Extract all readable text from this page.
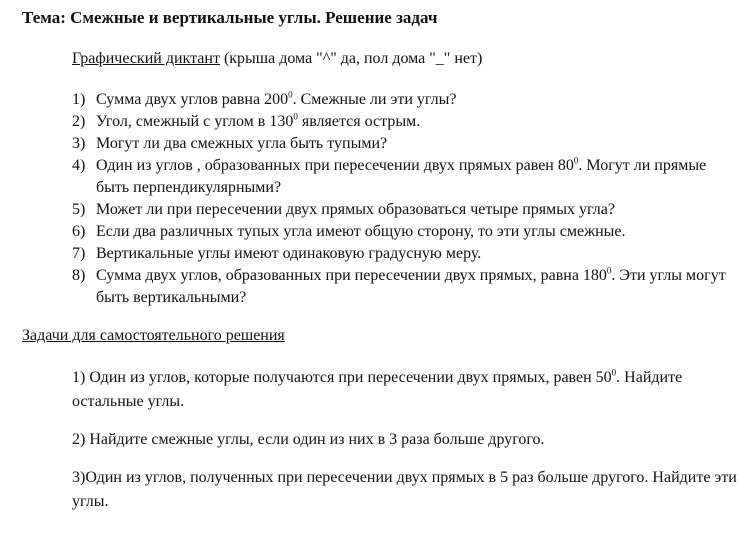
Тема: Смежные и вертикальные углы. Решение задач
Графический диктант (крыша дома "^" да, пол дома "_" нет)
1) Сумма двух углов равна $200^0$. Смежные ли эти углы?
2) Угол, смежный с углом в $130^0$ является острым.
3) Могут ли два смежных угла быть тупыми?
4) Один из углов , образованных при пересечении двух прямых равен $80^0$. Могут ли прямые быть перпендикулярными?
5) Может ли при пересечении двух прямых образоваться четыре прямых угла?
6) Если два различных тупых угла имеют общую сторону, то эти углы смежные.
7) Вертикальные углы имеют одинаковую градусную меру.
8) Сумма двух углов, образованных при пересечении двух прямых, равна $180^0$. Эти углы могут быть вертикальными?
Задачи для самостоятельного решения
1) Один из углов, которые получаются при пересечении двух прямых, равен $50^0$. Найдите остальные углы.
2) Найдите смежные углы, если один из них в 3 раза больше другого.
3)Один из углов, полученных при пересечении двух прямых в 5 раз больше другого. Найдите эти углы.
